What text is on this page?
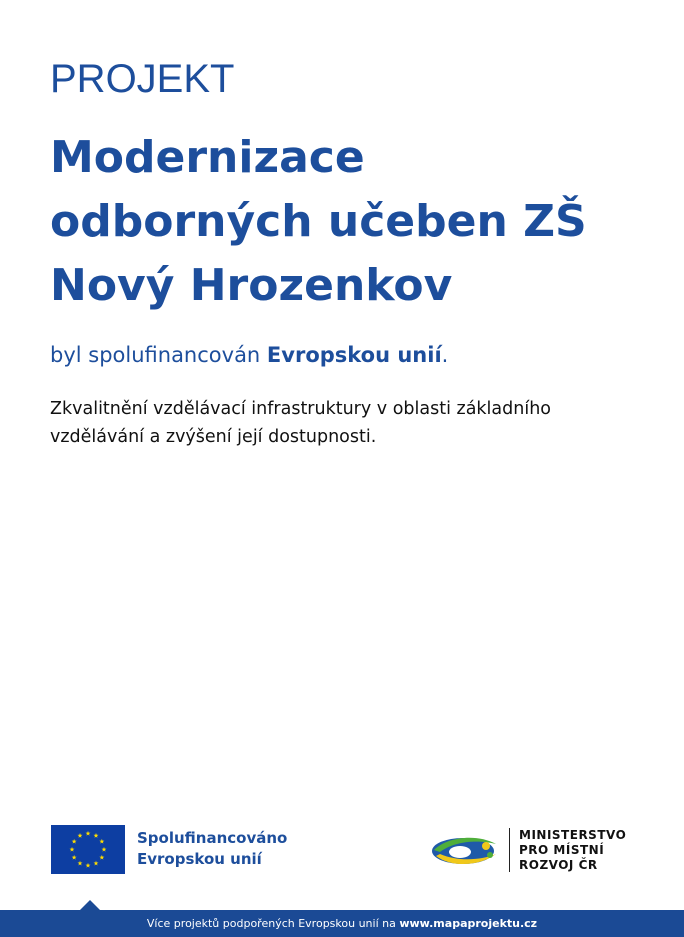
PROJEKT
Modernizace
odborných učeben ZŠ
Nový Hrozenkov
byl spolufinancován Evropskou unií.
Zkvalitnění vzdělávací infrastruktury v oblasti základního
vzdělávání a zvýšení její dostupnosti.
Spolufinancováno
Evropskou unií
MINISTERSTVO
PRO MÍSTNÍ
ROZVOJ ČR
Více projektů podpořených Evropskou unií na www.mapaprojektu.cz
